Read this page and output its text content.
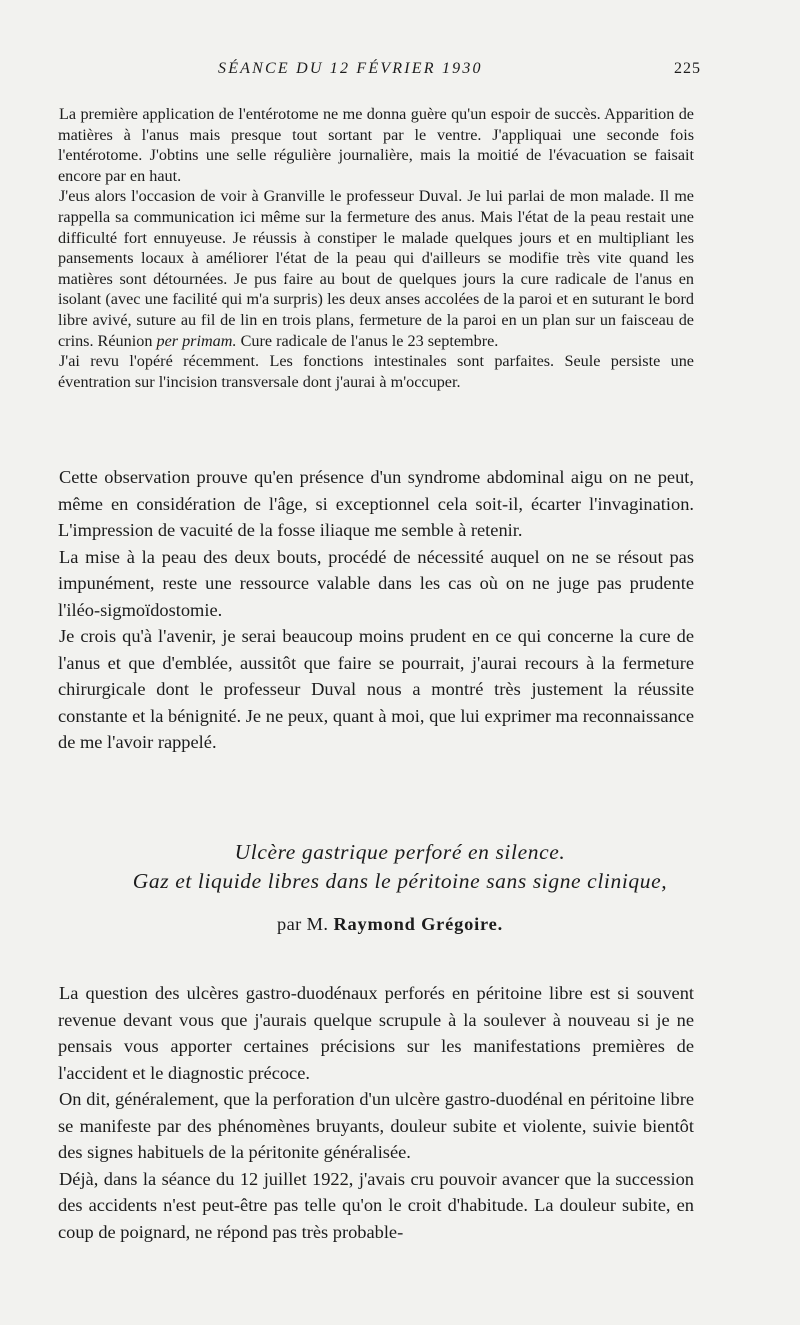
SÉANCE DU 12 FÉVRIER 1930	225

La première application de l'entérotome ne me donna guère qu'un espoir de succès. Apparition de matières à l'anus mais presque tout sortant par le ventre. J'appliquai une seconde fois l'entérotome. J'obtins une selle régulière journalière, mais la moitié de l'évacuation se faisait encore par en haut.

J'eus alors l'occasion de voir à Granville le professeur Duval. Je lui parlai de mon malade. Il me rappella sa communication ici même sur la fermeture des anus. Mais l'état de la peau restait une difficulté fort ennuyeuse. Je réussis à constiper le malade quelques jours et en multipliant les pansements locaux à améliorer l'état de la peau qui d'ailleurs se modifie très vite quand les matières sont détournées. Je pus faire au bout de quelques jours la cure radicale de l'anus en isolant (avec une facilité qui m'a surpris) les deux anses accolées de la paroi et en suturant le bord libre avivé, suture au fil de lin en trois plans, fermeture de la paroi en un plan sur un faisceau de crins. Réunion per primam. Cure radicale de l'anus le 23 septembre.

J'ai revu l'opéré récemment. Les fonctions intestinales sont parfaites. Seule persiste une éventration sur l'incision transversale dont j'aurai à m'occuper.

Cette observation prouve qu'en présence d'un syndrome abdominal aigu on ne peut, même en considération de l'âge, si exceptionnel cela soit-il, écarter l'invagination. L'impression de vacuité de la fosse iliaque me semble à retenir.

La mise à la peau des deux bouts, procédé de nécessité auquel on ne se résout pas impunément, reste une ressource valable dans les cas où on ne juge pas prudente l'iléo-sigmoïdostomie.

Je crois qu'à l'avenir, je serai beaucoup moins prudent en ce qui concerne la cure de l'anus et que d'emblée, aussitôt que faire se pourrait, j'aurai recours à la fermeture chirurgicale dont le professeur Duval nous a montré très justement la réussite constante et la bénignité. Je ne peux, quant à moi, que lui exprimer ma reconnaissance de me l'avoir rappelé.

Ulcère gastrique perforé en silence.
Gaz et liquide libres dans le péritoine sans signe clinique,
par M. Raymond Grégoire.

La question des ulcères gastro-duodénaux perforés en péritoine libre est si souvent revenue devant vous que j'aurais quelque scrupule à la soulever à nouveau si je ne pensais vous apporter certaines précisions sur les manifestations premières de l'accident et le diagnostic précoce.

On dit, généralement, que la perforation d'un ulcère gastro-duodénal en péritoine libre se manifeste par des phénomènes bruyants, douleur subite et violente, suivie bientôt des signes habituels de la péritonite généralisée.

Déjà, dans la séance du 12 juillet 1922, j'avais cru pouvoir avancer que la succession des accidents n'est peut-être pas telle qu'on le croit d'habitude. La douleur subite, en coup de poignard, ne répond pas très probable-
